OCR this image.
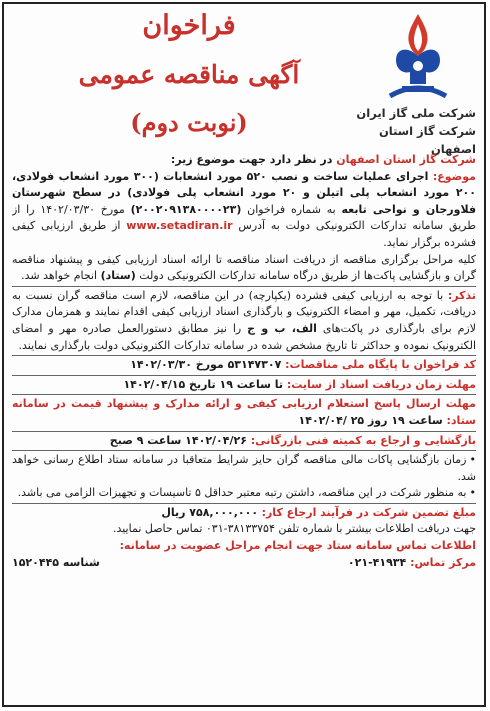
فراخوان
آگهی مناقصه عمومی
(نوبت دوم)	شرکت ملی گاز ایران
شرکت گاز استان اصفهان

شرکت گاز استان اصفهان در نظر دارد جهت موضوع زیر:

موضوع: اجرای عملیات ساخت و نصب ۵۲۰ مورد انشعابات (۳۰۰ مورد انشعاب فولادی، ۲۰۰ مورد انشعاب پلی اتیلن و ۲۰ مورد انشعاب پلی فولادی) در سطح شهرستان فلاورجان و نواحی تابعه به شماره فراخوان (۲۰۰۲۰۹۱۳۸۰۰۰۰۲۳) مورخ ۱۴۰۲/۰۳/۳۰ را از طریق سامانه تدارکات الکترونیکی دولت به آدرس www.setadiran.ir از طریق ارزیابی کیفی فشرده برگزار نماید.

کلیه مراحل برگزاری مناقصه از دریافت اسناد مناقصه تا ارائه اسناد ارزیابی کیفی و پیشنهاد مناقصه گران و بازگشایی پاکت‌ها از طریق درگاه سامانه تدارکات الکترونیکی دولت (ستاد) انجام خواهد شد.

تذکر: با توجه به ارزیابی کیفی فشرده (یکپارچه) در این مناقصه، لازم است مناقصه گران نسبت به دریافت، تکمیل، مهر و امضاء الکترونیک و بارگذاری اسناد ارزیابی کیفی اقدام نمایند و همزمان مدارک لازم برای بارگذاری در پاکت‌های الف، ب و ج را نیز مطابق دستورالعمل صادره مهر و امضای الکترونیک نموده و حداکثر تا تاریخ مشخص شده در سامانه تدارکات الکترونیکی دولت بارگذاری نمایند.

کد فراخوان با پایگاه ملی مناقصات: ۵۳۱۴۷۳۰۷ مورخ ۱۴۰۲/۰۳/۳۰

مهلت زمان دریافت اسناد از سایت: تا ساعت ۱۹ تاریخ ۱۴۰۲/۰۴/۱۵

مهلت ارسال پاسخ استعلام ارزیابی کیفی و ارائه مدارک و پیشنهاد قیمت در سامانه ستاد: ساعت ۱۹ روز ۲۵ /۱۴۰۲/۰۴

بازگشایی و ارجاع به کمیته فنی بازرگانی: ۱۴۰۲/۰۴/۲۶ ساعت ۹ صبح

• زمان بازگشایی پاکات مالی مناقصه گران حایز شرایط متعاقبا در سامانه ستاد اطلاع رسانی خواهد شد.

• به منظور شرکت در این مناقصه، داشتن رتبه معتبر حداقل ۵ تاسیسات و تجهیزات الزامی می باشد.

مبلغ تضمین شرکت در فرآیند ارجاع کار: ۷۵۸,۰۰۰,۰۰۰ ریال

جهت دریافت اطلاعات بیشتر با شماره تلفن ۳۸۱۳۳۷۵۴-۰۳۱ تماس حاصل نمایید.

اطلاعات تماس سامانه ستاد جهت انجام مراحل عضویت در سامانه:

مرکز تماس: ۴۱۹۳۴-۰۲۱
شناسه ۱۵۲۰۴۴۵
